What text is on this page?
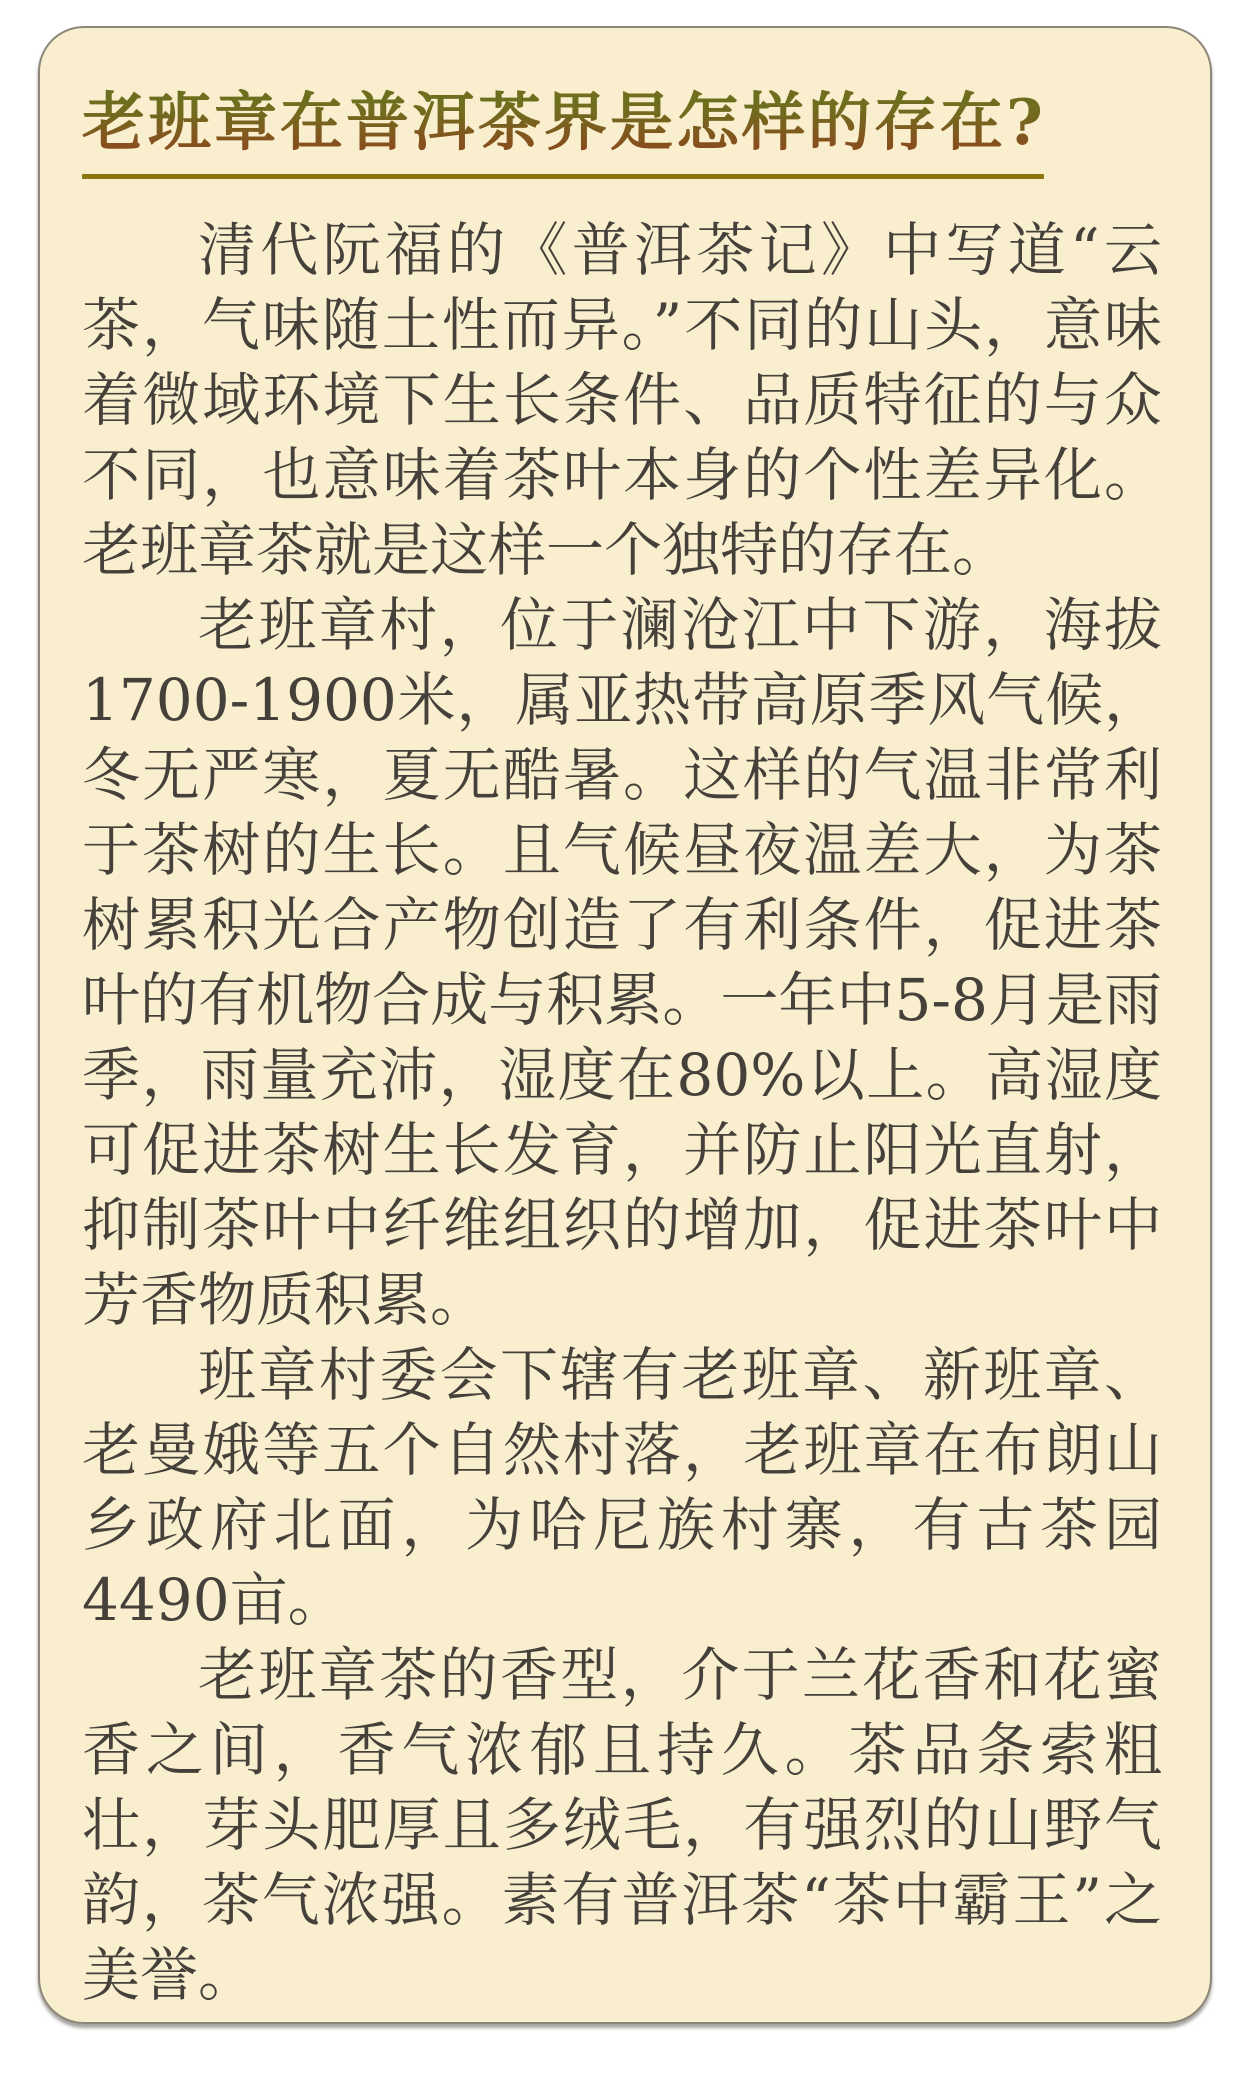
老班章在普洱茶界是怎样的存在?

清代阮福的《普洱茶记》中写道“云茶，气味随土性而异。”不同的山头，意味着微域环境下生长条件、品质特征的与众不同，也意味着茶叶本身的个性差异化。老班章茶就是这样一个独特的存在。

老班章村，位于澜沧江中下游，海拔1700-1900米，属亚热带高原季风气候，冬无严寒，夏无酷暑。这样的气温非常利于茶树的生长。且气候昼夜温差大，为茶树累积光合产物创造了有利条件，促进茶叶的有机物合成与积累。一年中5-8月是雨季，雨量充沛，湿度在80%以上。高湿度可促进茶树生长发育，并防止阳光直射，抑制茶叶中纤维组织的增加，促进茶叶中芳香物质积累。

班章村委会下辖有老班章、新班章、老曼娥等五个自然村落，老班章在布朗山乡政府北面，为哈尼族村寨，有古茶园4490亩。

老班章茶的香型，介于兰花香和花蜜香之间，香气浓郁且持久。茶品条索粗壮，芽头肥厚且多绒毛，有强烈的山野气韵，茶气浓强。素有普洱茶“茶中霸王”之美誉。
